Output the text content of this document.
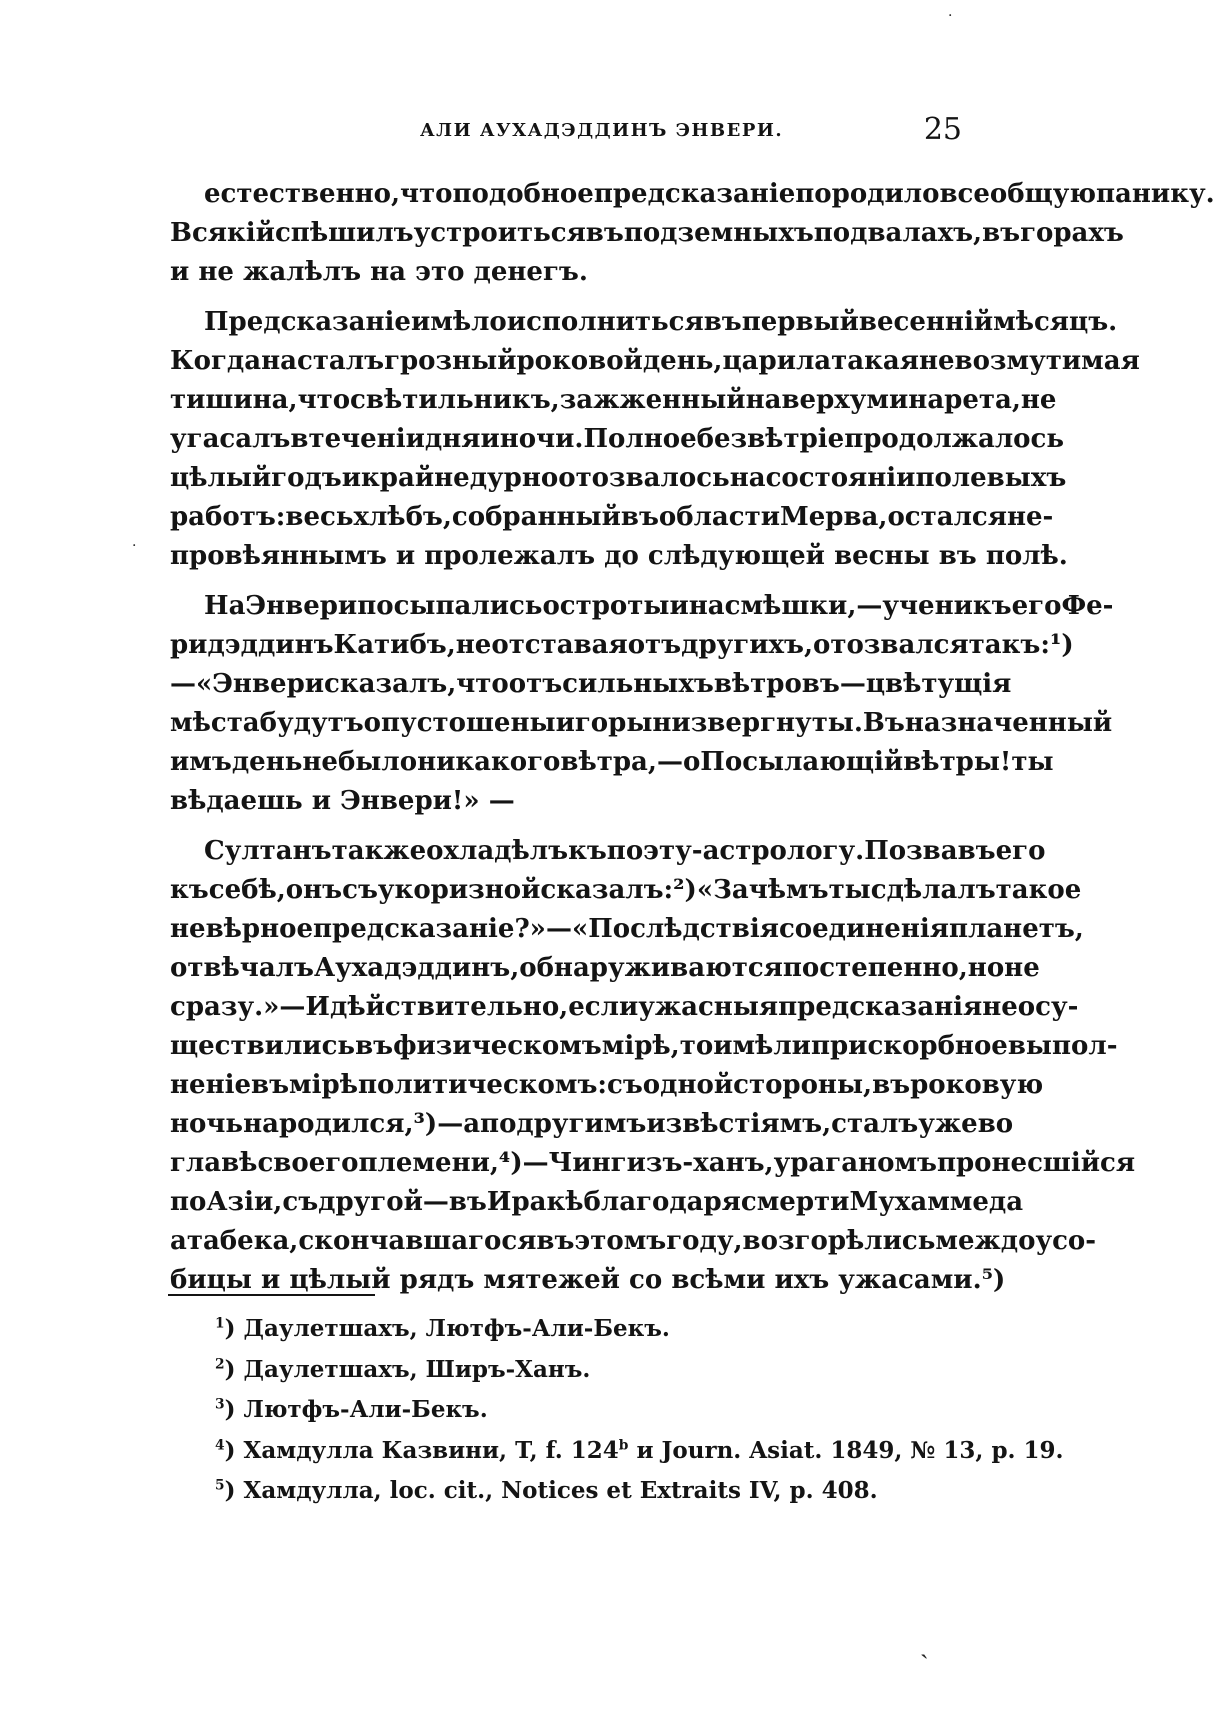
АЛИ АУХАДЭДДИНЪ ЭНВЕРИ.	25
естественно, что подобное предсказаніе породило всеобщую панику.
Всякій спѣшилъ устроиться въ подземныхъ подвалахъ, въ горахъ
и не жалѣлъ на это денегъ.
Предсказаніе имѣло исполниться въ первый весенній мѣсяцъ.
Когда насталъ грозный роковой день, царила такая невозмутимая
тишина, что свѣтильникъ, зажженный на верху минарета, не
угасалъ втеченіи дня и ночи. Полное безвѣтріе продолжалось
цѣлый годъ и крайне дурно отозвалось на состояніи полевыхъ
работъ: весь хлѣбъ, собранный въ области Мерва, остался не-
провѣяннымъ и пролежалъ до слѣдующей весны въ полѣ.
На Энвери посыпались остроты и насмѣшки,—ученикъ его Фе-
ридэддинъ Катибъ, неотставая отъ другихъ, отозвался такъ:¹)
— «Энвери сказалъ, что отъ сильныхъ вѣтровъ — цвѣтущія
мѣста будутъ опустошены и горы низвергнуты. Въ назначенный
имъ день не было никакого вѣтра, — о Посылающій вѣтры! ты
вѣдаешь и Энвери!» —
Султанъ также охладѣлъ къ поэту - астрологу. Позвавъ его
къ себѣ, онъ съ укоризной сказалъ:²) «Зачѣмъ ты сдѣлалъ такое
невѣрное предсказаніе?» — «Послѣдствія соединенія планетъ,
отвѣчалъ Аухадэддинъ, обнаруживаются постепенно, но не
сразу.» — И дѣйствительно, если ужасныя предсказанія не осу-
ществились въ физическомъ мірѣ, то имѣли прискорбное выпол-
неніе въ мірѣ политическомъ: съ одной стороны, въ роковую
ночь народился,³) — а по другимъ извѣстіямъ, сталъ уже во
главѣ своего племени,⁴)—Чингизъ-ханъ, ураганомъ пронесшійся
по Азіи, съ другой — въ Иракѣ благодаря смерти Мухаммеда
атабека, скончавшагося въ этомъ году, возгорѣлись междоусо-
бицы и цѣлый рядъ мятежей со всѣми ихъ ужасами.⁵)
$^1$) Даулетшахъ, Лютфъ-Али-Бекъ.
$^2$) Даулетшахъ, Ширъ-Ханъ.
$^3$) Лютфъ-Али-Бекъ.
$^4$) Хамдулла Казвини, T, f. 124$^b$ и Journ. Asiat. 1849, № 13, p. 19.
$^5$) Хамдулла, loc. cit., Notices et Extraits IV, p. 408.
·
·
ˏ
